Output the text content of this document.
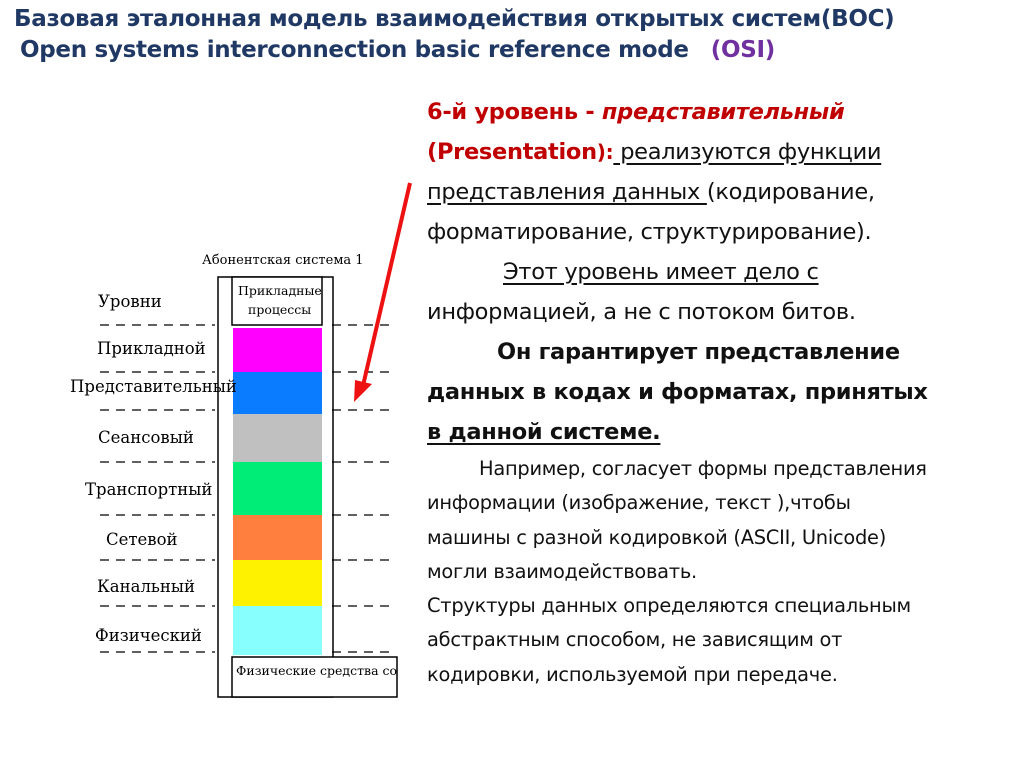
Базовая эталонная модель взаимодействия открытых систем(ВОС)
Open systems interconnection basic reference mode (OSI)
Абонентская система 1
Уровни
Прикладные
процессы
Прикладной
Представительный
Сеансовый
Транспортный
Сетевой
Канальный
Физический
Физические средства со

6-й уровень - представительный

(Presentation): реализуются функции

представления данных (кодирование,

форматирование, структурирование).

Этот уровень имеет дело с

информацией, а не с потоком битов.

Он гарантирует представление

данных в кодах и форматах, принятых

в данной системе.

Например, согласует формы представления

информации (изображение, текст ),чтобы

машины с разной кодировкой (ASCII, Unicode)

могли взаимодействовать.

Структуры данных определяются специальным

абстрактным способом, не зависящим от

кодировки, используемой при передаче.
